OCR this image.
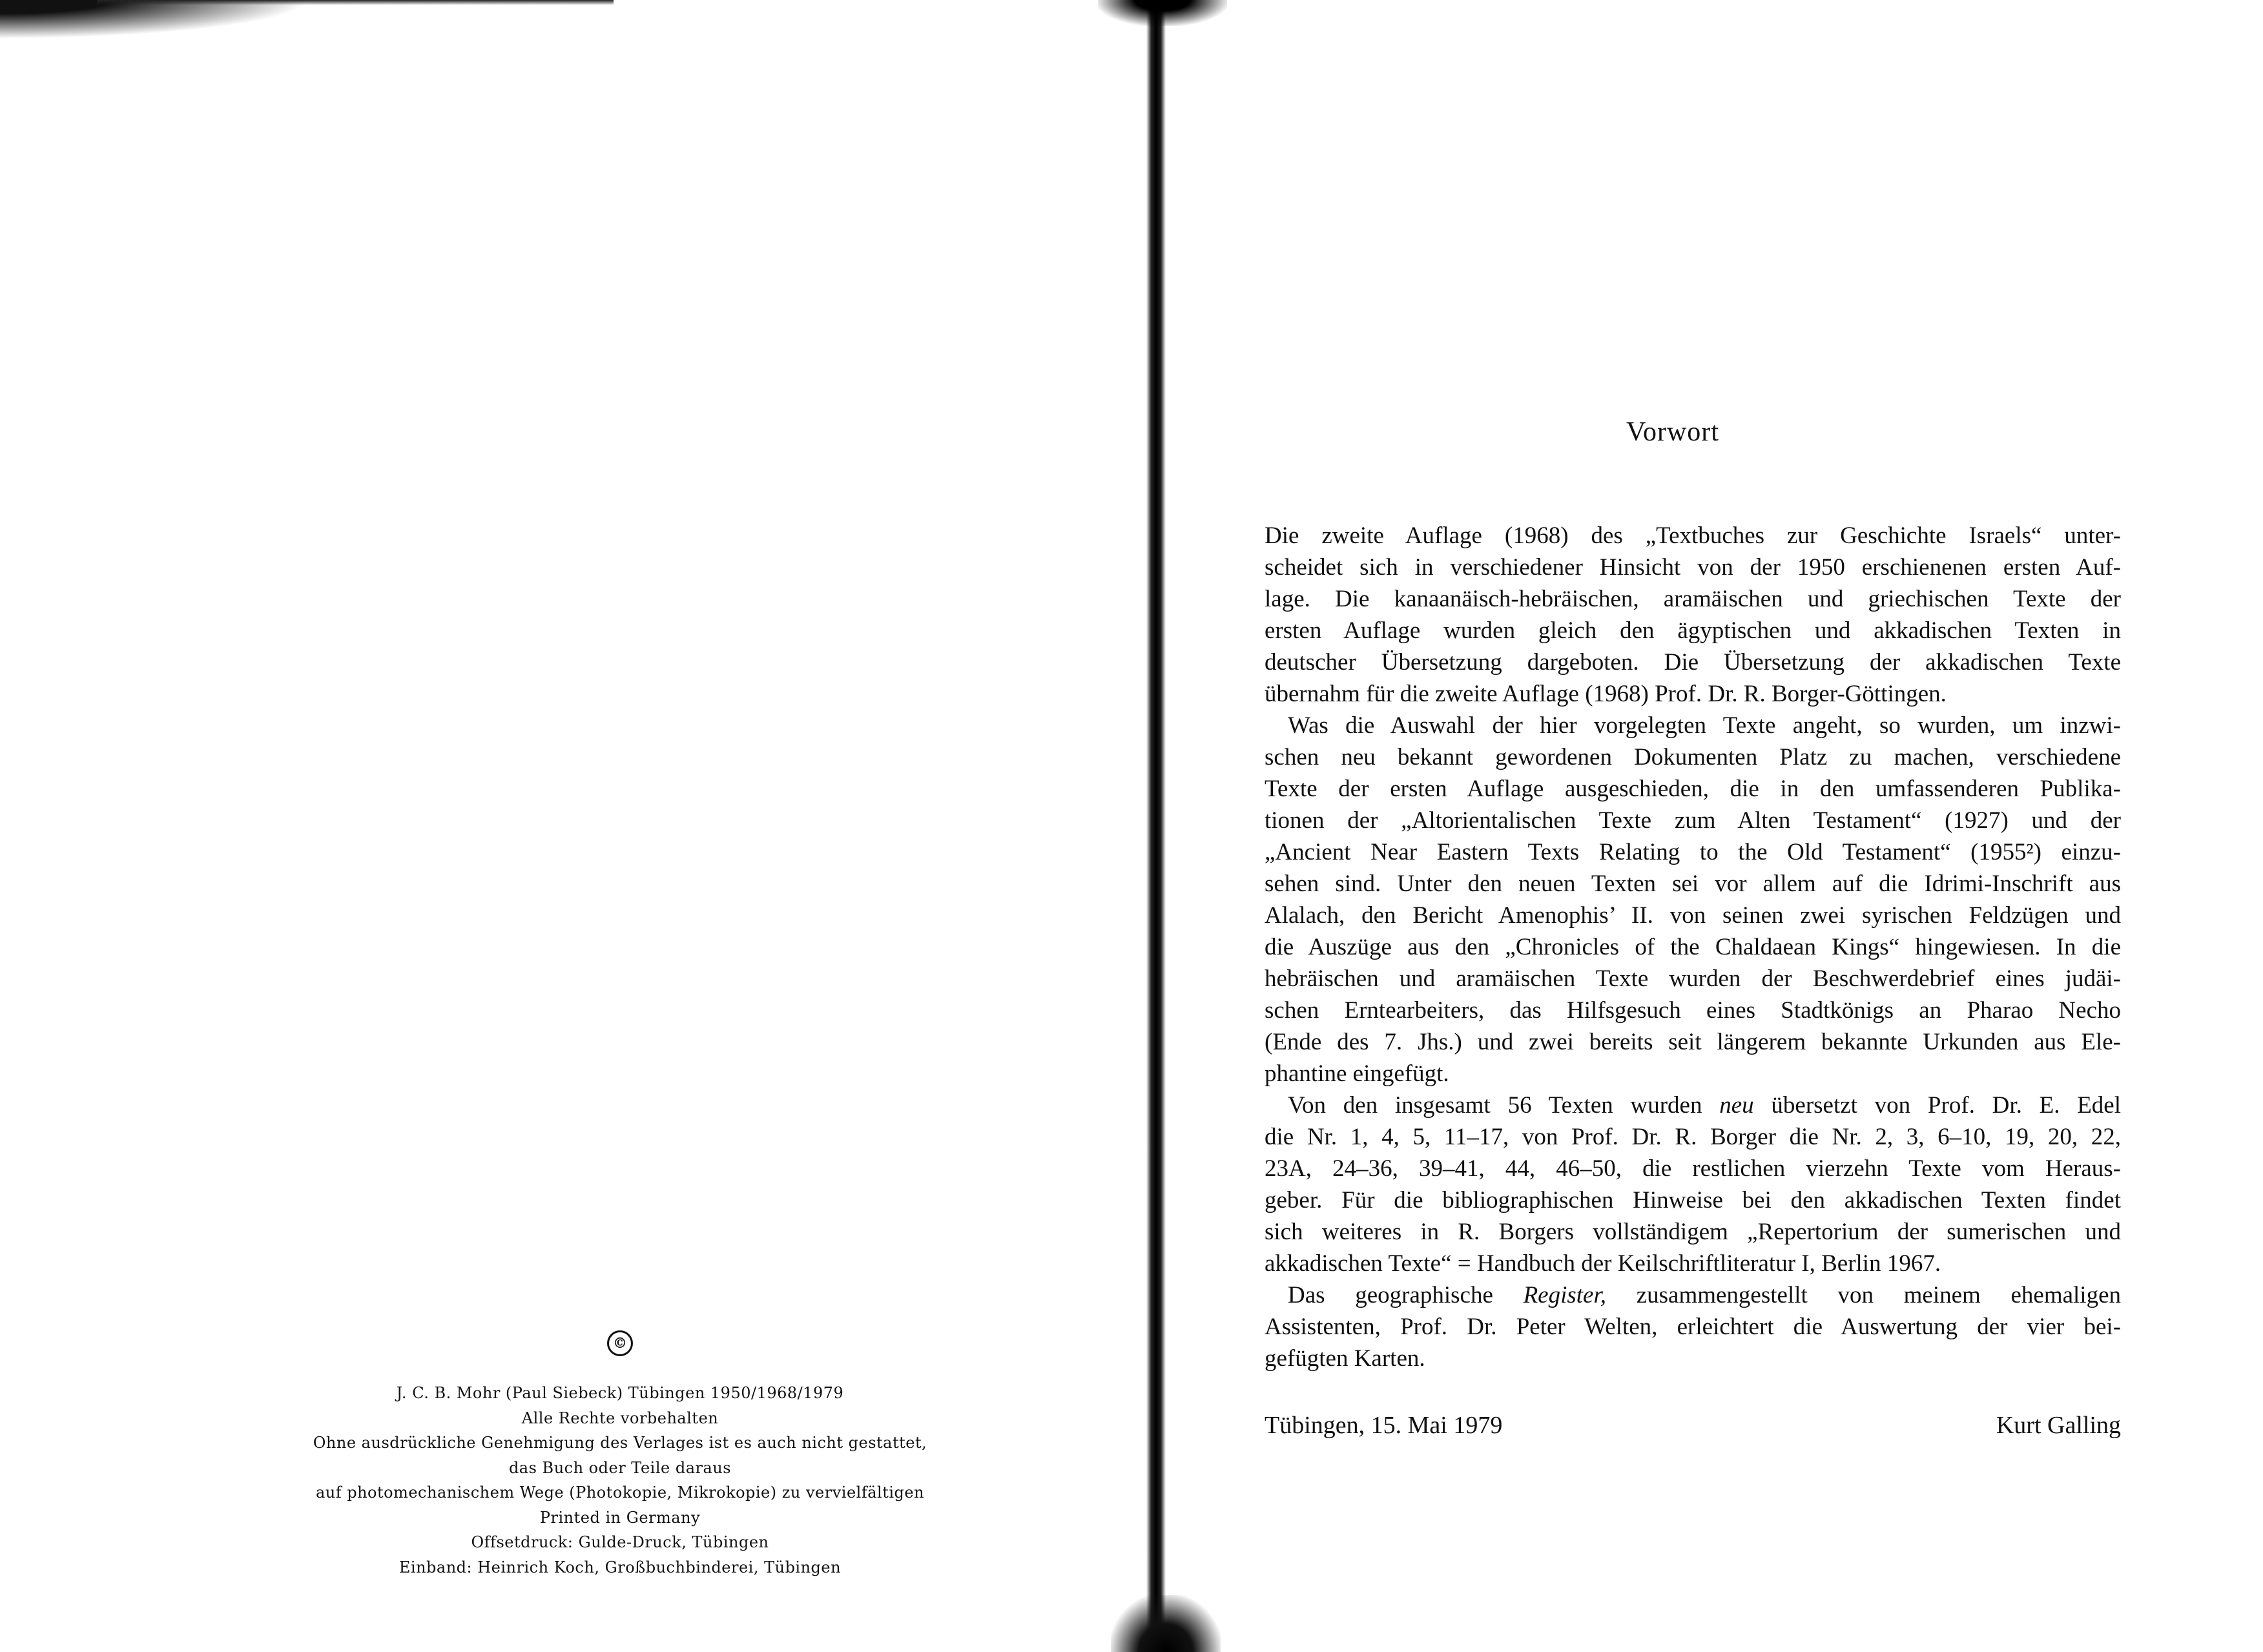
©
J. C. B. Mohr (Paul Siebeck) Tübingen 1950/1968/1979
Alle Rechte vorbehalten
Ohne ausdrückliche Genehmigung des Verlages ist es auch nicht gestattet,
das Buch oder Teile daraus
auf photomechanischem Wege (Photokopie, Mikrokopie) zu vervielfältigen
Printed in Germany
Offsetdruck: Gulde-Druck, Tübingen
Einband: Heinrich Koch, Großbuchbinderei, Tübingen
Vorwort
Die zweite Auflage (1968) des „Textbuches zur Geschichte Israels“ unter-
scheidet sich in verschiedener Hinsicht von der 1950 erschienenen ersten Auf-
lage. Die kanaanäisch-hebräischen, aramäischen und griechischen Texte der
ersten Auflage wurden gleich den ägyptischen und akkadischen Texten in
deutscher Übersetzung dargeboten. Die Übersetzung der akkadischen Texte
übernahm für die zweite Auflage (1968) Prof. Dr. R. Borger-Göttingen.
Was die Auswahl der hier vorgelegten Texte angeht, so wurden, um inzwi-
schen neu bekannt gewordenen Dokumenten Platz zu machen, verschiedene
Texte der ersten Auflage ausgeschieden, die in den umfassenderen Publika-
tionen der „Altorientalischen Texte zum Alten Testament“ (1927) und der
„Ancient Near Eastern Texts Relating to the Old Testament“ (1955²) einzu-
sehen sind. Unter den neuen Texten sei vor allem auf die Idrimi-Inschrift aus
Alalach, den Bericht Amenophis’ II. von seinen zwei syrischen Feldzügen und
die Auszüge aus den „Chronicles of the Chaldaean Kings“ hingewiesen. In die
hebräischen und aramäischen Texte wurden der Beschwerdebrief eines judäi-
schen Erntearbeiters, das Hilfsgesuch eines Stadtkönigs an Pharao Necho
(Ende des 7. Jhs.) und zwei bereits seit längerem bekannte Urkunden aus Ele-
phantine eingefügt.
Von den insgesamt 56 Texten wurden neu übersetzt von Prof. Dr. E. Edel
die Nr. 1, 4, 5, 11–17, von Prof. Dr. R. Borger die Nr. 2, 3, 6–10, 19, 20, 22,
23A, 24–36, 39–41, 44, 46–50, die restlichen vierzehn Texte vom Heraus-
geber. Für die bibliographischen Hinweise bei den akkadischen Texten findet
sich weiteres in R. Borgers vollständigem „Repertorium der sumerischen und
akkadischen Texte“ = Handbuch der Keilschriftliteratur I, Berlin 1967.
Das geographische Register, zusammengestellt von meinem ehemaligen
Assistenten, Prof. Dr. Peter Welten, erleichtert die Auswertung der vier bei-
gefügten Karten.
Tübingen, 15. Mai 1979	Kurt Galling
